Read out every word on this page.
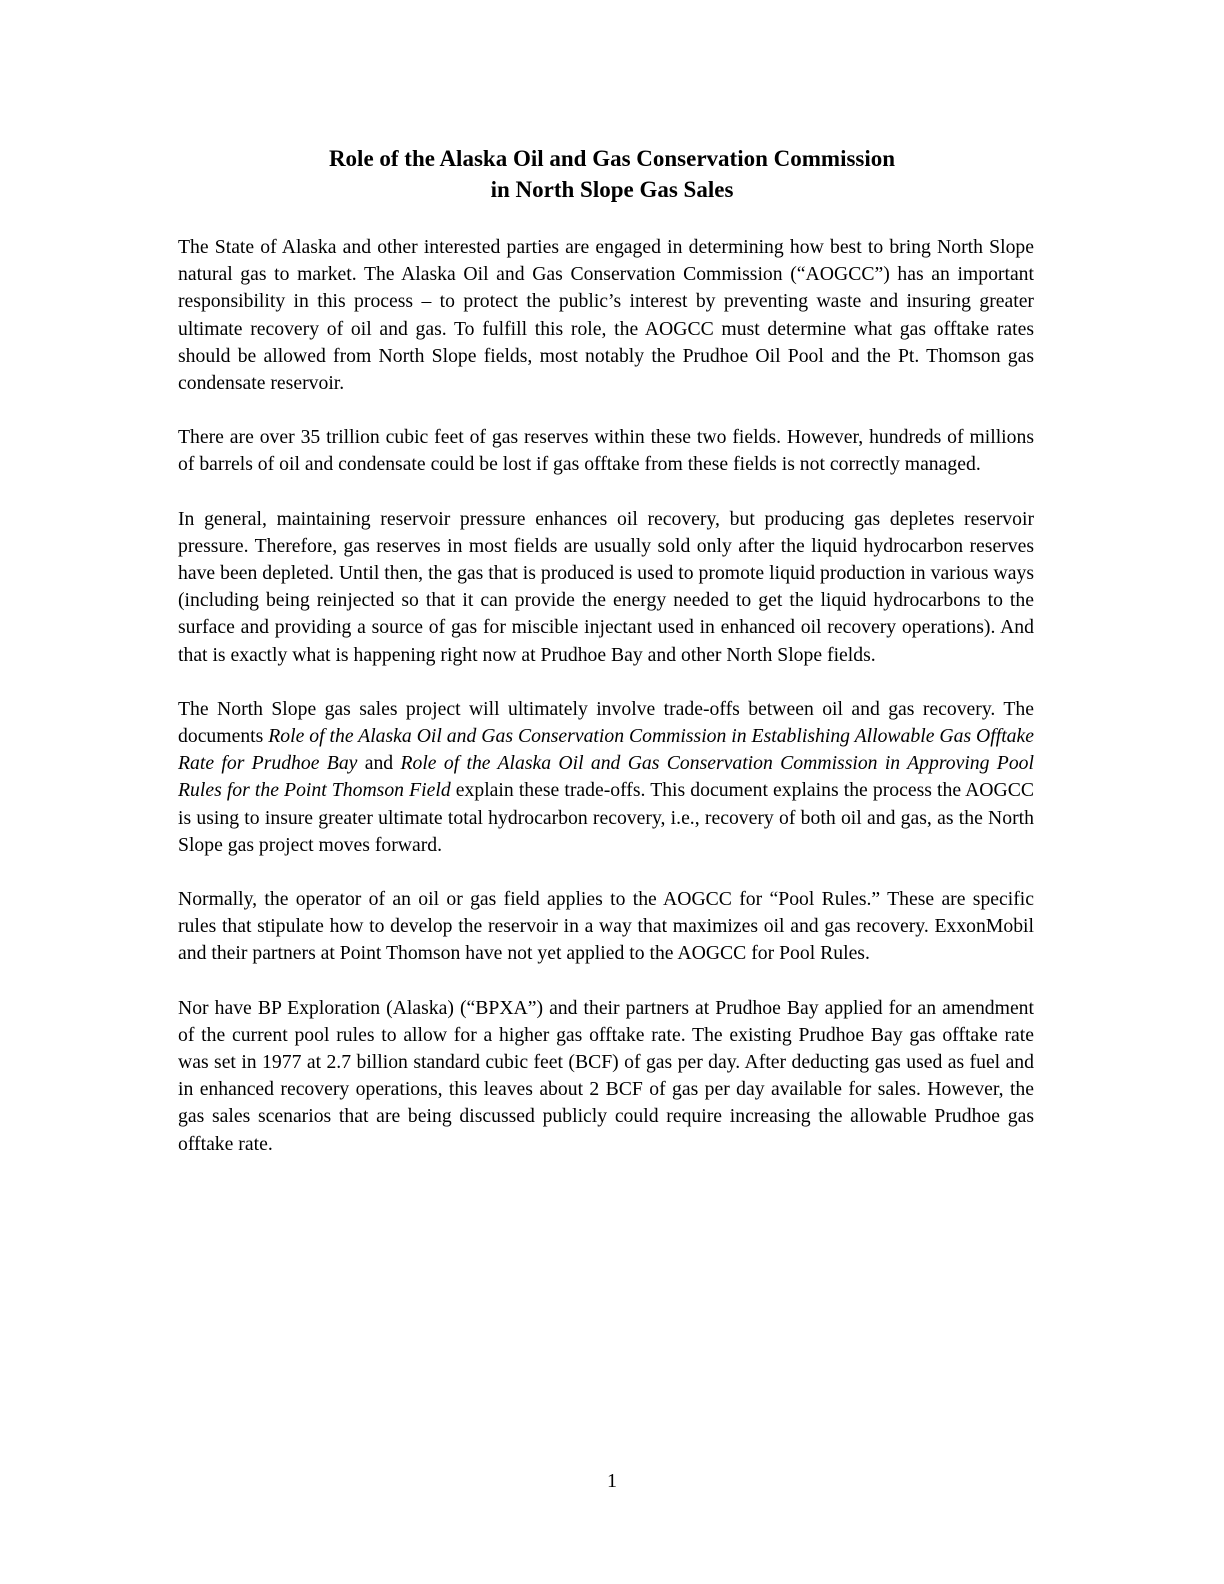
Role of the Alaska Oil and Gas Conservation Commission
in North Slope Gas Sales

The State of Alaska and other interested parties are engaged in determining how best to bring North Slope natural gas to market. The Alaska Oil and Gas Conservation Commission (“AOGCC”) has an important responsibility in this process – to protect the public’s interest by preventing waste and insuring greater ultimate recovery of oil and gas. To fulfill this role, the AOGCC must determine what gas offtake rates should be allowed from North Slope fields, most notably the Prudhoe Oil Pool and the Pt. Thomson gas condensate reservoir.

There are over 35 trillion cubic feet of gas reserves within these two fields. However, hundreds of millions of barrels of oil and condensate could be lost if gas offtake from these fields is not correctly managed.

In general, maintaining reservoir pressure enhances oil recovery, but producing gas depletes reservoir pressure. Therefore, gas reserves in most fields are usually sold only after the liquid hydrocarbon reserves have been depleted. Until then, the gas that is produced is used to promote liquid production in various ways (including being reinjected so that it can provide the energy needed to get the liquid hydrocarbons to the surface and providing a source of gas for miscible injectant used in enhanced oil recovery operations). And that is exactly what is happening right now at Prudhoe Bay and other North Slope fields.

The North Slope gas sales project will ultimately involve trade-offs between oil and gas recovery. The documents Role of the Alaska Oil and Gas Conservation Commission in Establishing Allowable Gas Offtake Rate for Prudhoe Bay and Role of the Alaska Oil and Gas Conservation Commission in Approving Pool Rules for the Point Thomson Field explain these trade-offs. This document explains the process the AOGCC is using to insure greater ultimate total hydrocarbon recovery, i.e., recovery of both oil and gas, as the North Slope gas project moves forward.

Normally, the operator of an oil or gas field applies to the AOGCC for “Pool Rules.” These are specific rules that stipulate how to develop the reservoir in a way that maximizes oil and gas recovery. ExxonMobil and their partners at Point Thomson have not yet applied to the AOGCC for Pool Rules.

Nor have BP Exploration (Alaska) (“BPXA”) and their partners at Prudhoe Bay applied for an amendment of the current pool rules to allow for a higher gas offtake rate. The existing Prudhoe Bay gas offtake rate was set in 1977 at 2.7 billion standard cubic feet (BCF) of gas per day. After deducting gas used as fuel and in enhanced recovery operations, this leaves about 2 BCF of gas per day available for sales. However, the gas sales scenarios that are being discussed publicly could require increasing the allowable Prudhoe gas offtake rate.

1
